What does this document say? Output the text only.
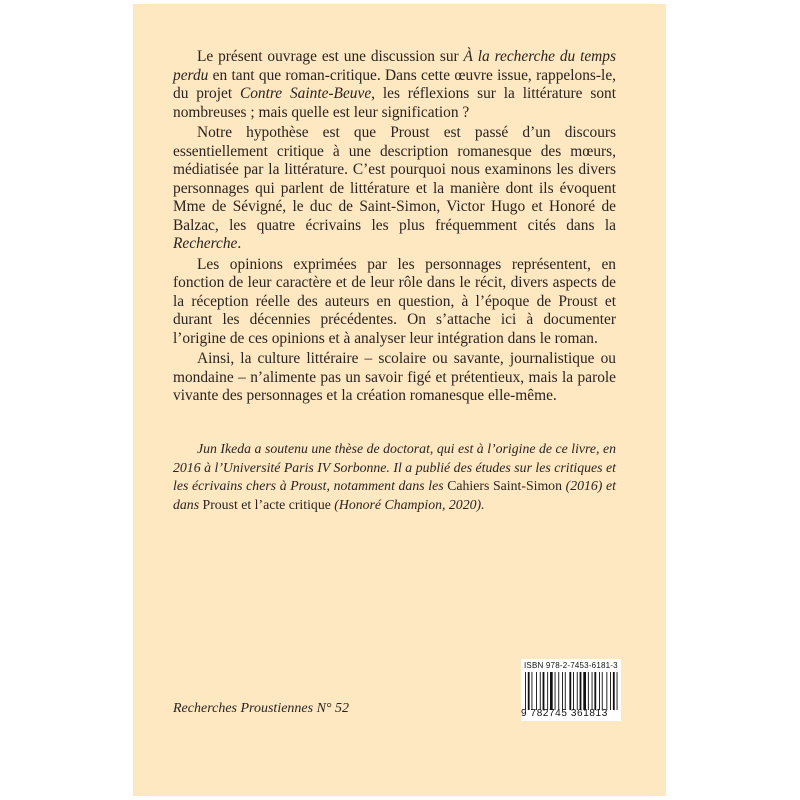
Le présent ouvrage est une discussion sur À la recherche du temps perdu en tant que roman-critique. Dans cette œuvre issue, rappelons-le, du projet Contre Sainte-Beuve, les réflexions sur la littérature sont nombreuses ; mais quelle est leur signification ?

Notre hypothèse est que Proust est passé d’un discours essentiellement critique à une description romanesque des mœurs, médiatisée par la littérature. C’est pourquoi nous examinons les divers personnages qui parlent de littérature et la manière dont ils évoquent Mme de Sévigné, le duc de Saint-Simon, Victor Hugo et Honoré de Balzac, les quatre écrivains les plus fréquemment cités dans la Recherche.

Les opinions exprimées par les personnages représentent, en fonction de leur caractère et de leur rôle dans le récit, divers aspects de la réception réelle des auteurs en question, à l’époque de Proust et durant les décennies précédentes. On s’attache ici à documenter l’origine de ces opinions et à analyser leur intégration dans le roman.

Ainsi, la culture littéraire – scolaire ou savante, journalistique ou mondaine – n’alimente pas un savoir figé et prétentieux, mais la parole vivante des personnages et la création romanesque elle-même.

Jun Ikeda a soutenu une thèse de doctorat, qui est à l’origine de ce livre, en 2016 à l’Université Paris IV Sorbonne. Il a publié des études sur les critiques et les écrivains chers à Proust, notamment dans les Cahiers Saint-Simon (2016) et dans Proust et l’acte critique (Honoré Champion, 2020).
Recherches Proustiennes N° 52
ISBN 978-2-7453-6181-3
9 782745 361813
